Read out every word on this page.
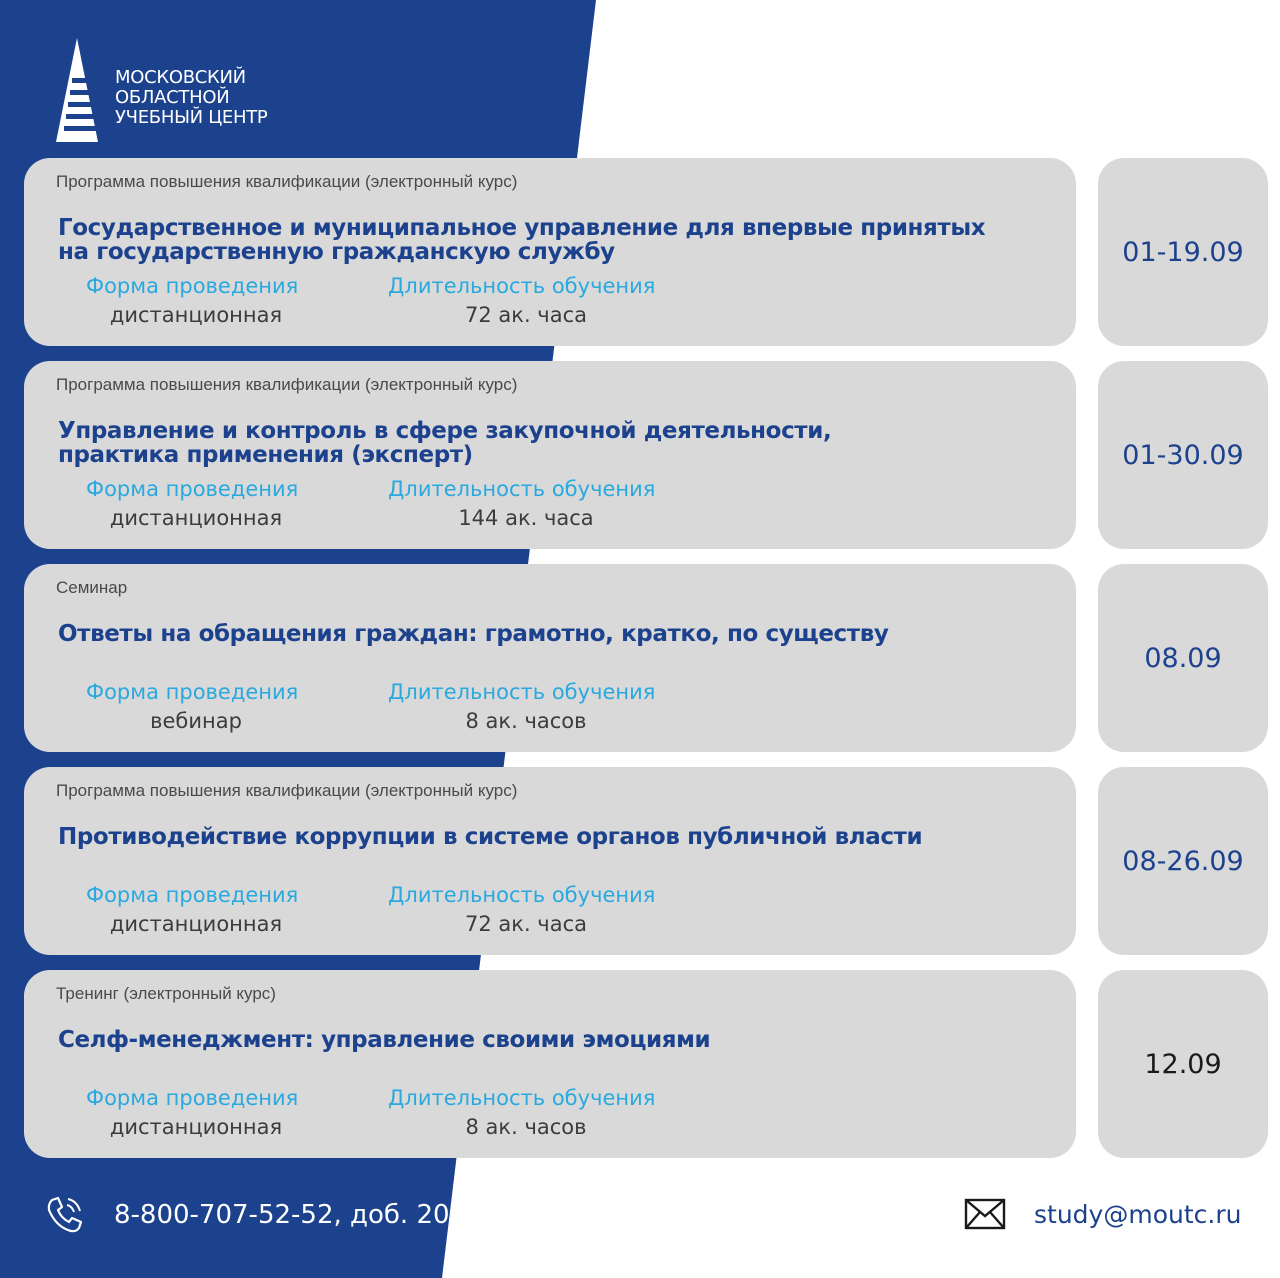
МОСКОВСКИЙ
ОБЛАСТНОЙ
УЧЕБНЫЙ ЦЕНТР
Программа повышения квалификации (электронный курс)
Государственное и муниципальное управление для впервые принятых
на государственную гражданскую службу
Форма проведения	Длительность обучения
дистанционная	72 ак. часа
01-19.09
Программа повышения квалификации (электронный курс)
Управление и контроль в сфере закупочной деятельности,
практика применения (эксперт)
Форма проведения	Длительность обучения
дистанционная	144 ак. часа
01-30.09
Семинар
Ответы на обращения граждан: грамотно, кратко, по существу
Форма проведения	Длительность обучения
вебинар	8 ак. часов
08.09
Программа повышения квалификации (электронный курс)
Противодействие коррупции в системе органов публичной власти
Форма проведения	Длительность обучения
дистанционная	72 ак. часа
08-26.09
Тренинг (электронный курс)
Селф-менеджмент: управление своими эмоциями
Форма проведения	Длительность обучения
дистанционная	8 ак. часов
12.09
8-800-707-52-52, доб. 200	study@moutc.ru
